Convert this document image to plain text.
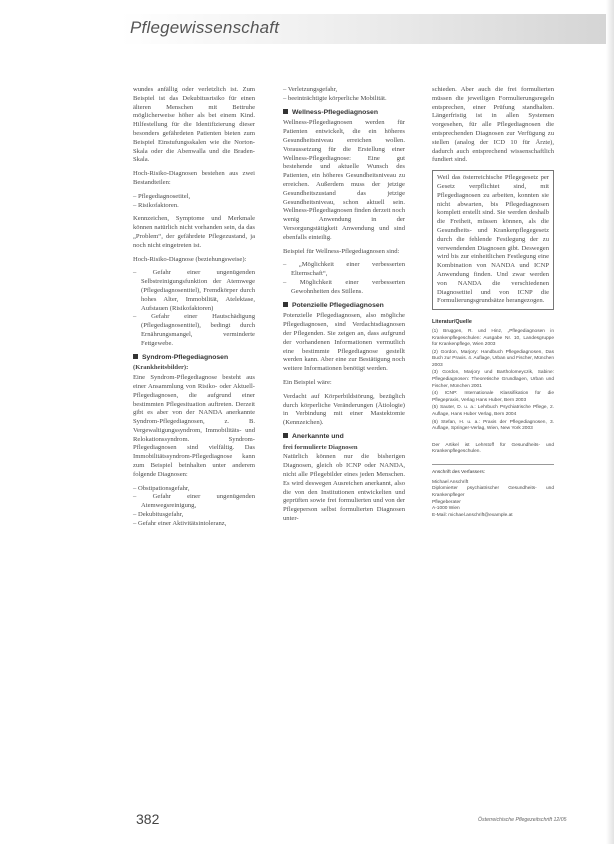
Pflegewissenschaft

wundes anfällig oder verletzlich ist. Zum Beispiel ist das Dekubitusrisiko für einen älteren Menschen mit Bettruhe möglicherweise höher als bei einem Kind. Hilfestellung für die Identifizierung dieser besonders gefährdeten Patienten bieten zum Beispiel Einstufungsskalen wie die Norton-Skala oder die Abenwalla und die Braden-Skala.

Hoch-Risiko-Diagnosen bestehen aus zwei Bestandteilen:

– Pflegediagnosetitel,
– Risikofaktoren.

Kennzeichen, Symptome und Merkmale können natürlich nicht vorhanden sein, da das „Problem“, der gefährdete Pflegezustand, ja noch nicht eingetreten ist.

Hoch-Risiko-Diagnose (beziehungsweise):

– Gefahr einer ungenügenden Selbstreinigungsfunktion der Atemwege (Pflegediagnosentitel), Fremdkörper durch hohes Alter, Immobilität, Atelektase, Aufstauen (Risikofaktoren)
– Gefahr einer Hautschädigung (Pflegediagnosentitel), bedingt durch Ernährungsmangel, verminderte Fettgewebe.
Syndrom-Pflegediagnosen

(Krankheitsbilder):

Eine Syndrom-Pflegediagnose besteht aus einer Ansammlung von Risiko- oder Aktuell-Pflegediagnosen, die aufgrund einer bestimmten Pflegesituation auftreten. Derzeit gibt es aber von der NANDA anerkannte Syndrom-Pflegediagnosen, z. B. Vergewaltigungssyndrom, Immobilitäts- und Relokationssyndrom. Syndrom-Pflegediagnosen sind vielfältig. Das Immobilitätssyndrom-Pflegediagnose kann zum Beispiel beinhalten unter anderem folgende Diagnosen:

– Obstipationsgefahr,
– Gefahr einer ungenügenden Atemwegsreinigung,
– Dekubitusgefahr,
– Gefahr einer Aktivitätsintoleranz,
– Verletzungsgefahr,
– beeinträchtigte körperliche Mobilität.
Wellness-Pflegediagnosen

Wellness-Pflegediagnosen werden für Patienten entwickelt, die ein höheres Gesundheitsniveau erreichen wollen. Voraussetzung für die Erstellung einer Wellness-Pflegediagnose: Eine gut bestehende und aktuelle Wunsch des Patienten, ein höheres Gesundheitsniveau zu erreichen. Außerdem muss der jetzige Gesundheitszustand das jetzige Gesundheitsniveau, schon aktuell sein. Wellness-Pflegediagnosen finden derzeit noch wenig Anwendung in der Versorgungstätigkeit Anwendung und sind ebenfalls einteilig.

Beispiel für Wellness-Pflegediagnosen sind:

– „Möglichkeit einer verbesserten Elternschaft“,
– Möglichkeit einer verbesserten Gewohnheiten des Stillens.
Potenzielle Pflegediagnosen

Potenzielle Pflegediagnosen, also mögliche Pflegediagnosen, sind Verdachtsdiagnosen der Pflegenden. Sie zeigen an, dass aufgrund der vorhandenen Informationen vermutlich eine bestimmte Pflegediagnose gestellt werden kann. Aber eine zur Bestätigung noch weitere Informationen benötigt werden.

Ein Beispiel wäre:

Verdacht auf Körperbildstörung, bezüglich durch körperliche Veränderungen (Ätiologie) in Verbindung mit einer Mastektomie (Kennzeichen).

Anerkannte und

frei formulierte Diagnosen

Natürlich können nur die bisherigen Diagnosen, gleich ob ICNP oder NANDA, nicht alle Pflegebilder eines jeden Menschen. Es wird deswegen Ausreichen anerkannt, also die von den Institutionen entwickelten und geprüften sowie frei formulierten und von der Pflegeperson selbst formulierten Diagnosen unter-

schieden. Aber auch die frei formulierten müssen die jeweiligen Formulierungsregeln entsprechen, einer Prüfung standhalten. Längerfristig ist in allen Systemen vorgesehen, für alle Pflegediagnosen die entsprechenden Diagnosen zur Verfügung zu stellen (analog der ICD 10 für Ärzte), dadurch auch entsprechend wissenschaftlich fundiert sind.

Weil das österreichische Pflegegesetz per Gesetz verpflichtet sind, mit Pflegediagnosen zu arbeiten, konnten sie nicht abwarten, bis Pflegediagnosen komplett erstellt sind. Sie werden deshalb die Freiheit, müssen können, als die Gesundheits- und Krankenpflegegesetz durch die fehlende Festlegung der zu verwendenden Diagnosen gibt. Deswegen wird bis zur einheitlichen Festlegung eine Kombination von NANDA und ICNP Anwendung finden. Und zwar werden von NANDA die verschiedenen Diagnosetitel und von ICNP die Formulierungsgrundsätze herangezogen.
Literatur/Quelle
(1) Bruggen, R. und Hinz, „Pflegediagnosen in Krankenpflegeschulen: Ausgabe Nr. 10, Landesgruppe für Krankenpflege, Wien 2003
(2) Gordon, Marjory: Handbuch Pflegediagnosen, Das Buch zur Praxis. 4. Auflage, Urban und Fischer, München 2003
(3) Gordon, Marjory und Bartholomeyczik, Sabine: Pflegediagnosen: Theoretische Grundlagen, Urban und Fischer, München 2001
(4) ICNP: Internationale Klassifikation für die Pflegepraxis, Verlag Hans Huber, Bern 2003
(5) Sauter, D. u. a.: Lehrbuch Psychiatrische Pflege, 2. Auflage, Hans Huber Verlag, Bern 2004
(6) Stefan, H. u. a.: Praxis der Pflegediagnosen, 3. Auflage, Springer-Verlag, Wien, New York 2003
Der Artikel ist Lehrstoff für Gesundheits- und Krankenpflegeschulen.
Anschrift des Verfassers:
Michael Anschrift
Diplomierter psychiatrischer Gesundheits- und Krankenpfleger
Pflegeberater
A-1000 Wien
E-Mail: michael.anschrift@example.at
382	Österreichische Pflegezeitschrift 12/05
